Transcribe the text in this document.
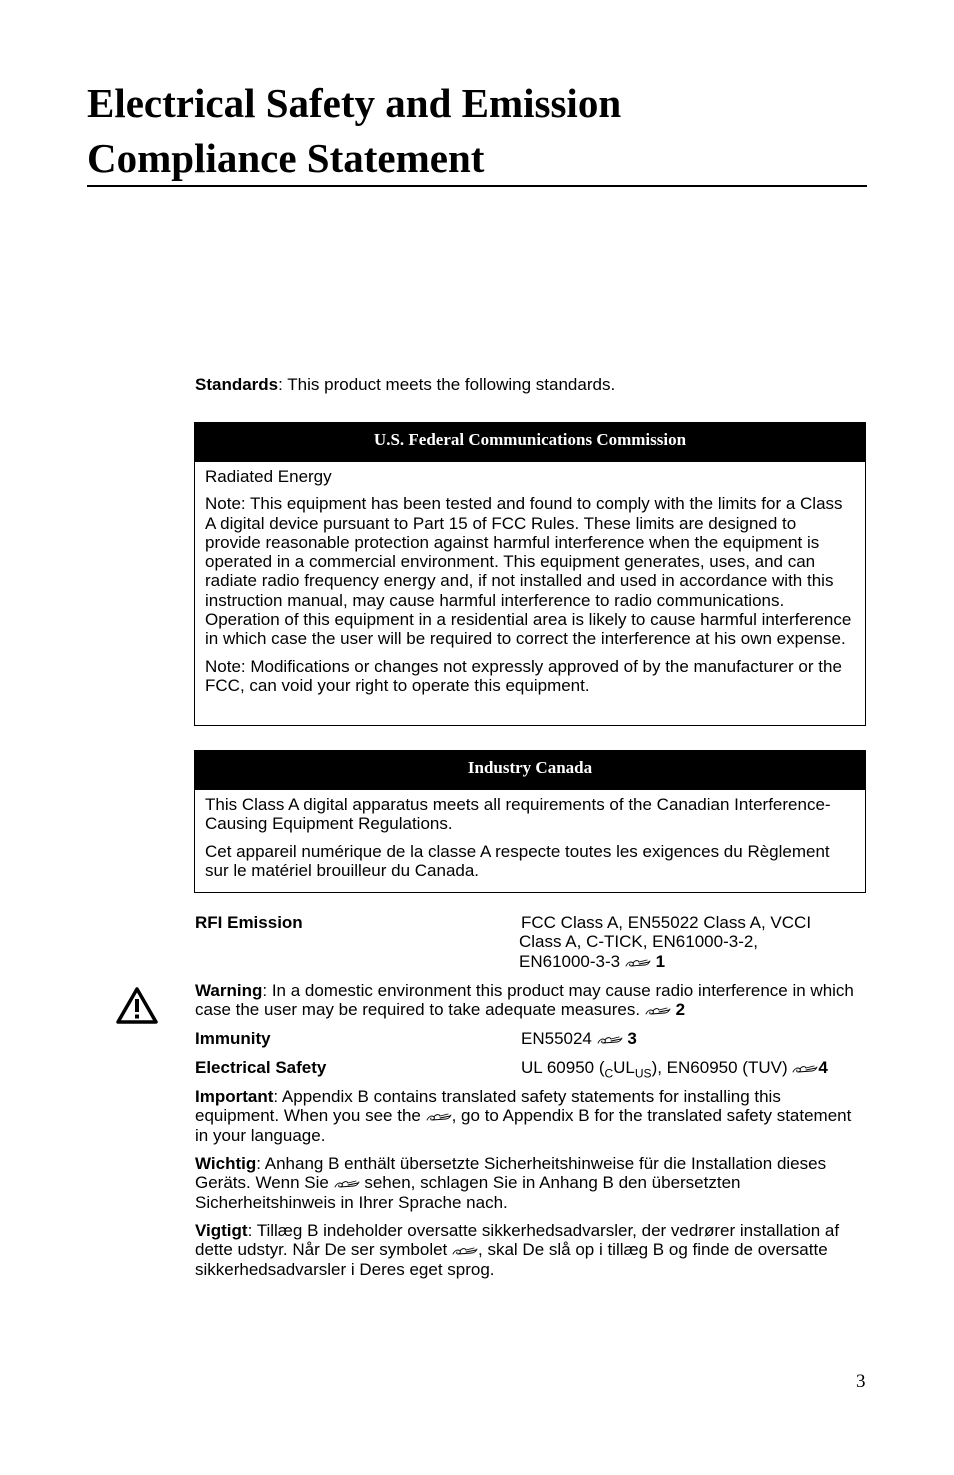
Electrical Safety and Emission
Compliance Statement
Standards: This product meets the following standards.
U.S. Federal Communications Commission

Radiated Energy

Note: This equipment has been tested and found to comply with the limits for a Class A digital device pursuant to Part 15 of FCC Rules. These limits are designed to provide reasonable protection against harmful interference when the equipment is operated in a commercial environment. This equipment generates, uses, and can radiate radio frequency energy and, if not installed and used in accordance with this instruction manual, may cause harmful interference to radio communications. Operation of this equipment in a residential area is likely to cause harmful interference in which case the user will be required to correct the interference at his own expense.

Note: Modifications or changes not expressly approved of by the manufacturer or the FCC, can void your right to operate this equipment.

Industry Canada

This Class A digital apparatus meets all requirements of the Canadian Interference-Causing Equipment Regulations.

Cet appareil numérique de la classe A respecte toutes les exigences du Règlement sur le matériel brouilleur du Canada.

RFI Emission	FCC Class A, EN55022 Class A, VCCI
Class A, C-TICK, EN61000-3-2,
EN61000-3-3 1

Warning: In a domestic environment this product may cause radio interference in which case the user may be required to take adequate measures. 2

Immunity	EN55024 3
Electrical Safety	UL 60950 $(_CUL_{US})$, EN60950 (TUV) 4

Important: Appendix B contains translated safety statements for installing this equipment. When you see the , go to Appendix B for the translated safety statement in your language.

Wichtig: Anhang B enthält übersetzte Sicherheitshinweise für die Installation dieses Geräts. Wenn Sie sehen, schlagen Sie in Anhang B den übersetzten Sicherheitshinweis in Ihrer Sprache nach.

Vigtigt: Tillæg B indeholder oversatte sikkerhedsadvarsler, der vedrører installation af dette udstyr. Når De ser symbolet , skal De slå op i tillæg B og finde de oversatte sikkerhedsadvarsler i Deres eget sprog.

3
